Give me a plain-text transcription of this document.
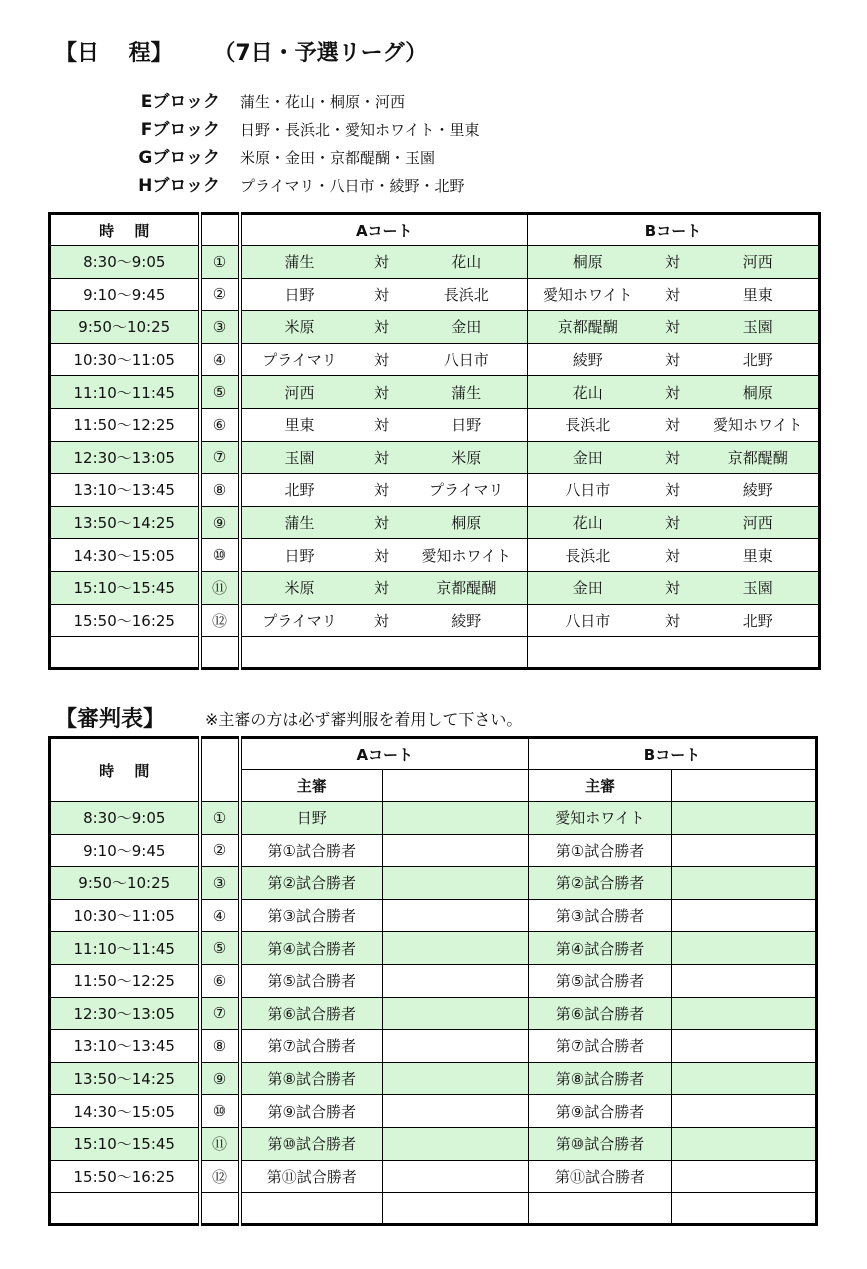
【日　 程】　　 （7日・予選リーグ）
Eブロック 蒲生・花山・桐原・河西
Fブロック 日野・長浜北・愛知ホワイト・里東
Gブロック 米原・金田・京都醍醐・玉園
Hブロック プライマリ・八日市・綾野・北野
時　 間		Aコート			Bコート		
8:30～9:05	①	蒲生	対	花山	桐原	対	河西
9:10～9:45	②	日野	対	長浜北	愛知ホワイト	対	里東
9:50～10:25	③	米原	対	金田	京都醍醐	対	玉園
10:30～11:05	④	プライマリ	対	八日市	綾野	対	北野
11:10～11:45	⑤	河西	対	蒲生	花山	対	桐原
11:50～12:25	⑥	里東	対	日野	長浜北	対	愛知ホワイト
12:30～13:05	⑦	玉園	対	米原	金田	対	京都醍醐
13:10～13:45	⑧	北野	対	プライマリ	八日市	対	綾野
13:50～14:25	⑨	蒲生	対	桐原	花山	対	河西
14:30～15:05	⑩	日野	対	愛知ホワイト	長浜北	対	里東
15:10～15:45	⑪	米原	対	京都醍醐	金田	対	玉園
15:50～16:25	⑫	プライマリ	対	綾野	八日市	対	北野

【審判表】 ※主審の方は必ず審判服を着用して下さい。
時　 間		Aコート		Bコート	
		主審		主審	
8:30～9:05	①	日野		愛知ホワイト	
9:10～9:45	②	第①試合勝者		第①試合勝者	
9:50～10:25	③	第②試合勝者		第②試合勝者	
10:30～11:05	④	第③試合勝者		第③試合勝者	
11:10～11:45	⑤	第④試合勝者		第④試合勝者	
11:50～12:25	⑥	第⑤試合勝者		第⑤試合勝者	
12:30～13:05	⑦	第⑥試合勝者		第⑥試合勝者	
13:10～13:45	⑧	第⑦試合勝者		第⑦試合勝者	
13:50～14:25	⑨	第⑧試合勝者		第⑧試合勝者	
14:30～15:05	⑩	第⑨試合勝者		第⑨試合勝者	
15:10～15:45	⑪	第⑩試合勝者		第⑩試合勝者	
15:50～16:25	⑫	第⑪試合勝者		第⑪試合勝者	
